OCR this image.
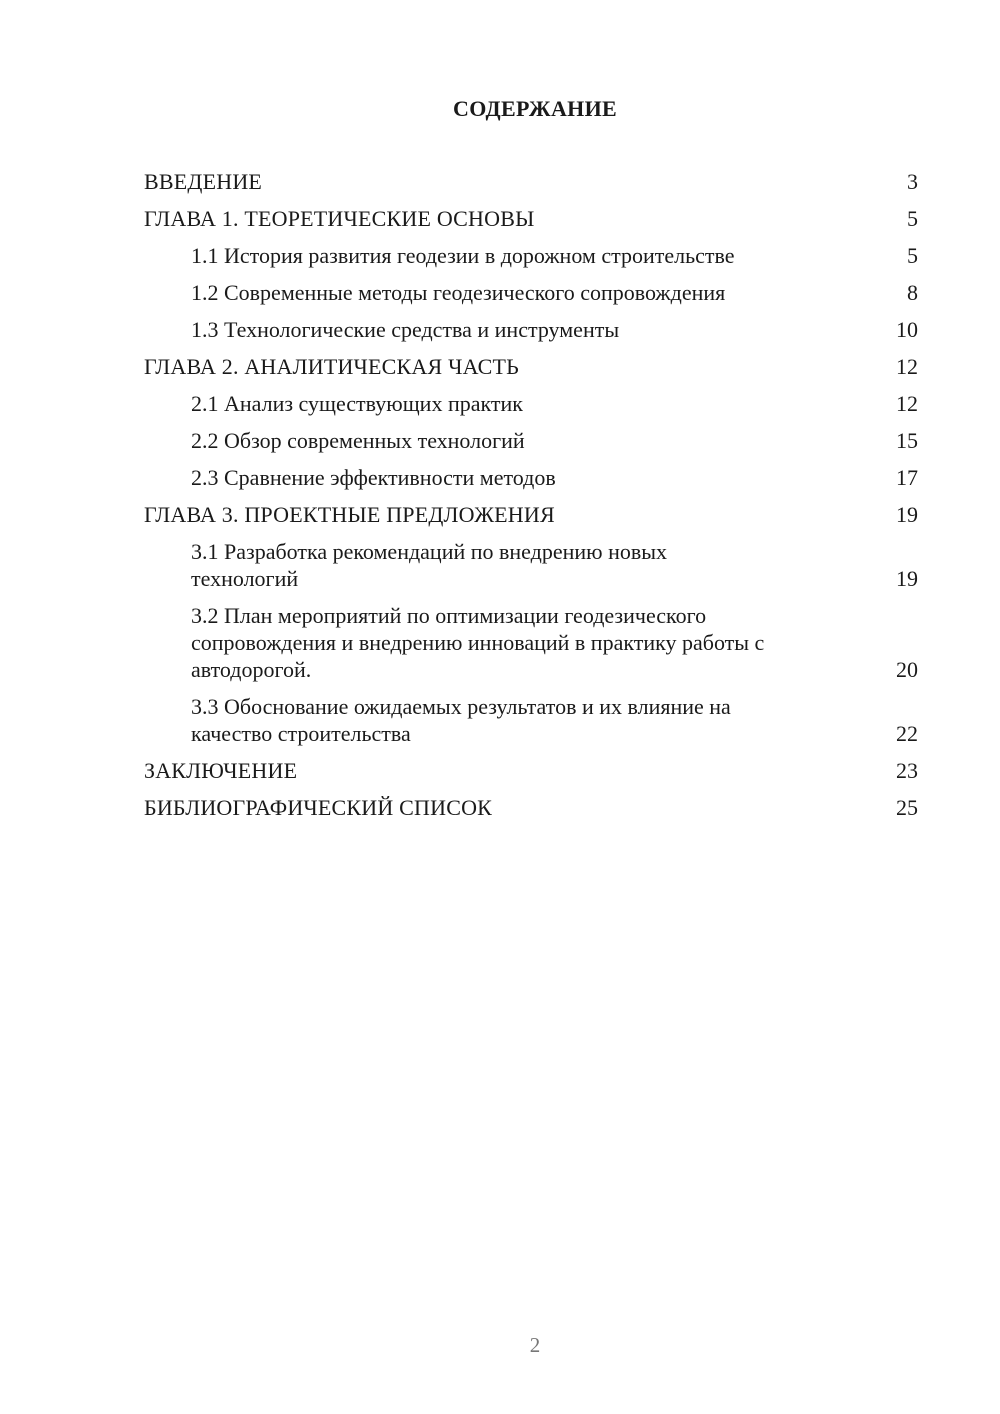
СОДЕРЖАНИЕ
ВВЕДЕНИЕ	3
ГЛАВА 1. ТЕОРЕТИЧЕСКИЕ ОСНОВЫ	5
1.1 История развития геодезии в дорожном строительстве	5
1.2 Современные методы геодезического сопровождения	8
1.3 Технологические средства и инструменты	10
ГЛАВА 2. АНАЛИТИЧЕСКАЯ ЧАСТЬ	12
2.1 Анализ существующих практик	12
2.2 Обзор современных технологий	15
2.3 Сравнение эффективности методов	17
ГЛАВА 3. ПРОЕКТНЫЕ ПРЕДЛОЖЕНИЯ	19
3.1 Разработка рекомендаций по внедрению новых технологий	19
3.2 План мероприятий по оптимизации геодезического сопровождения и внедрению инноваций в практику работы с автодорогой.	20
3.3 Обоснование ожидаемых результатов и их влияние на качество строительства	22
ЗАКЛЮЧЕНИЕ	23
БИБЛИОГРАФИЧЕСКИЙ СПИСОК	25
2
